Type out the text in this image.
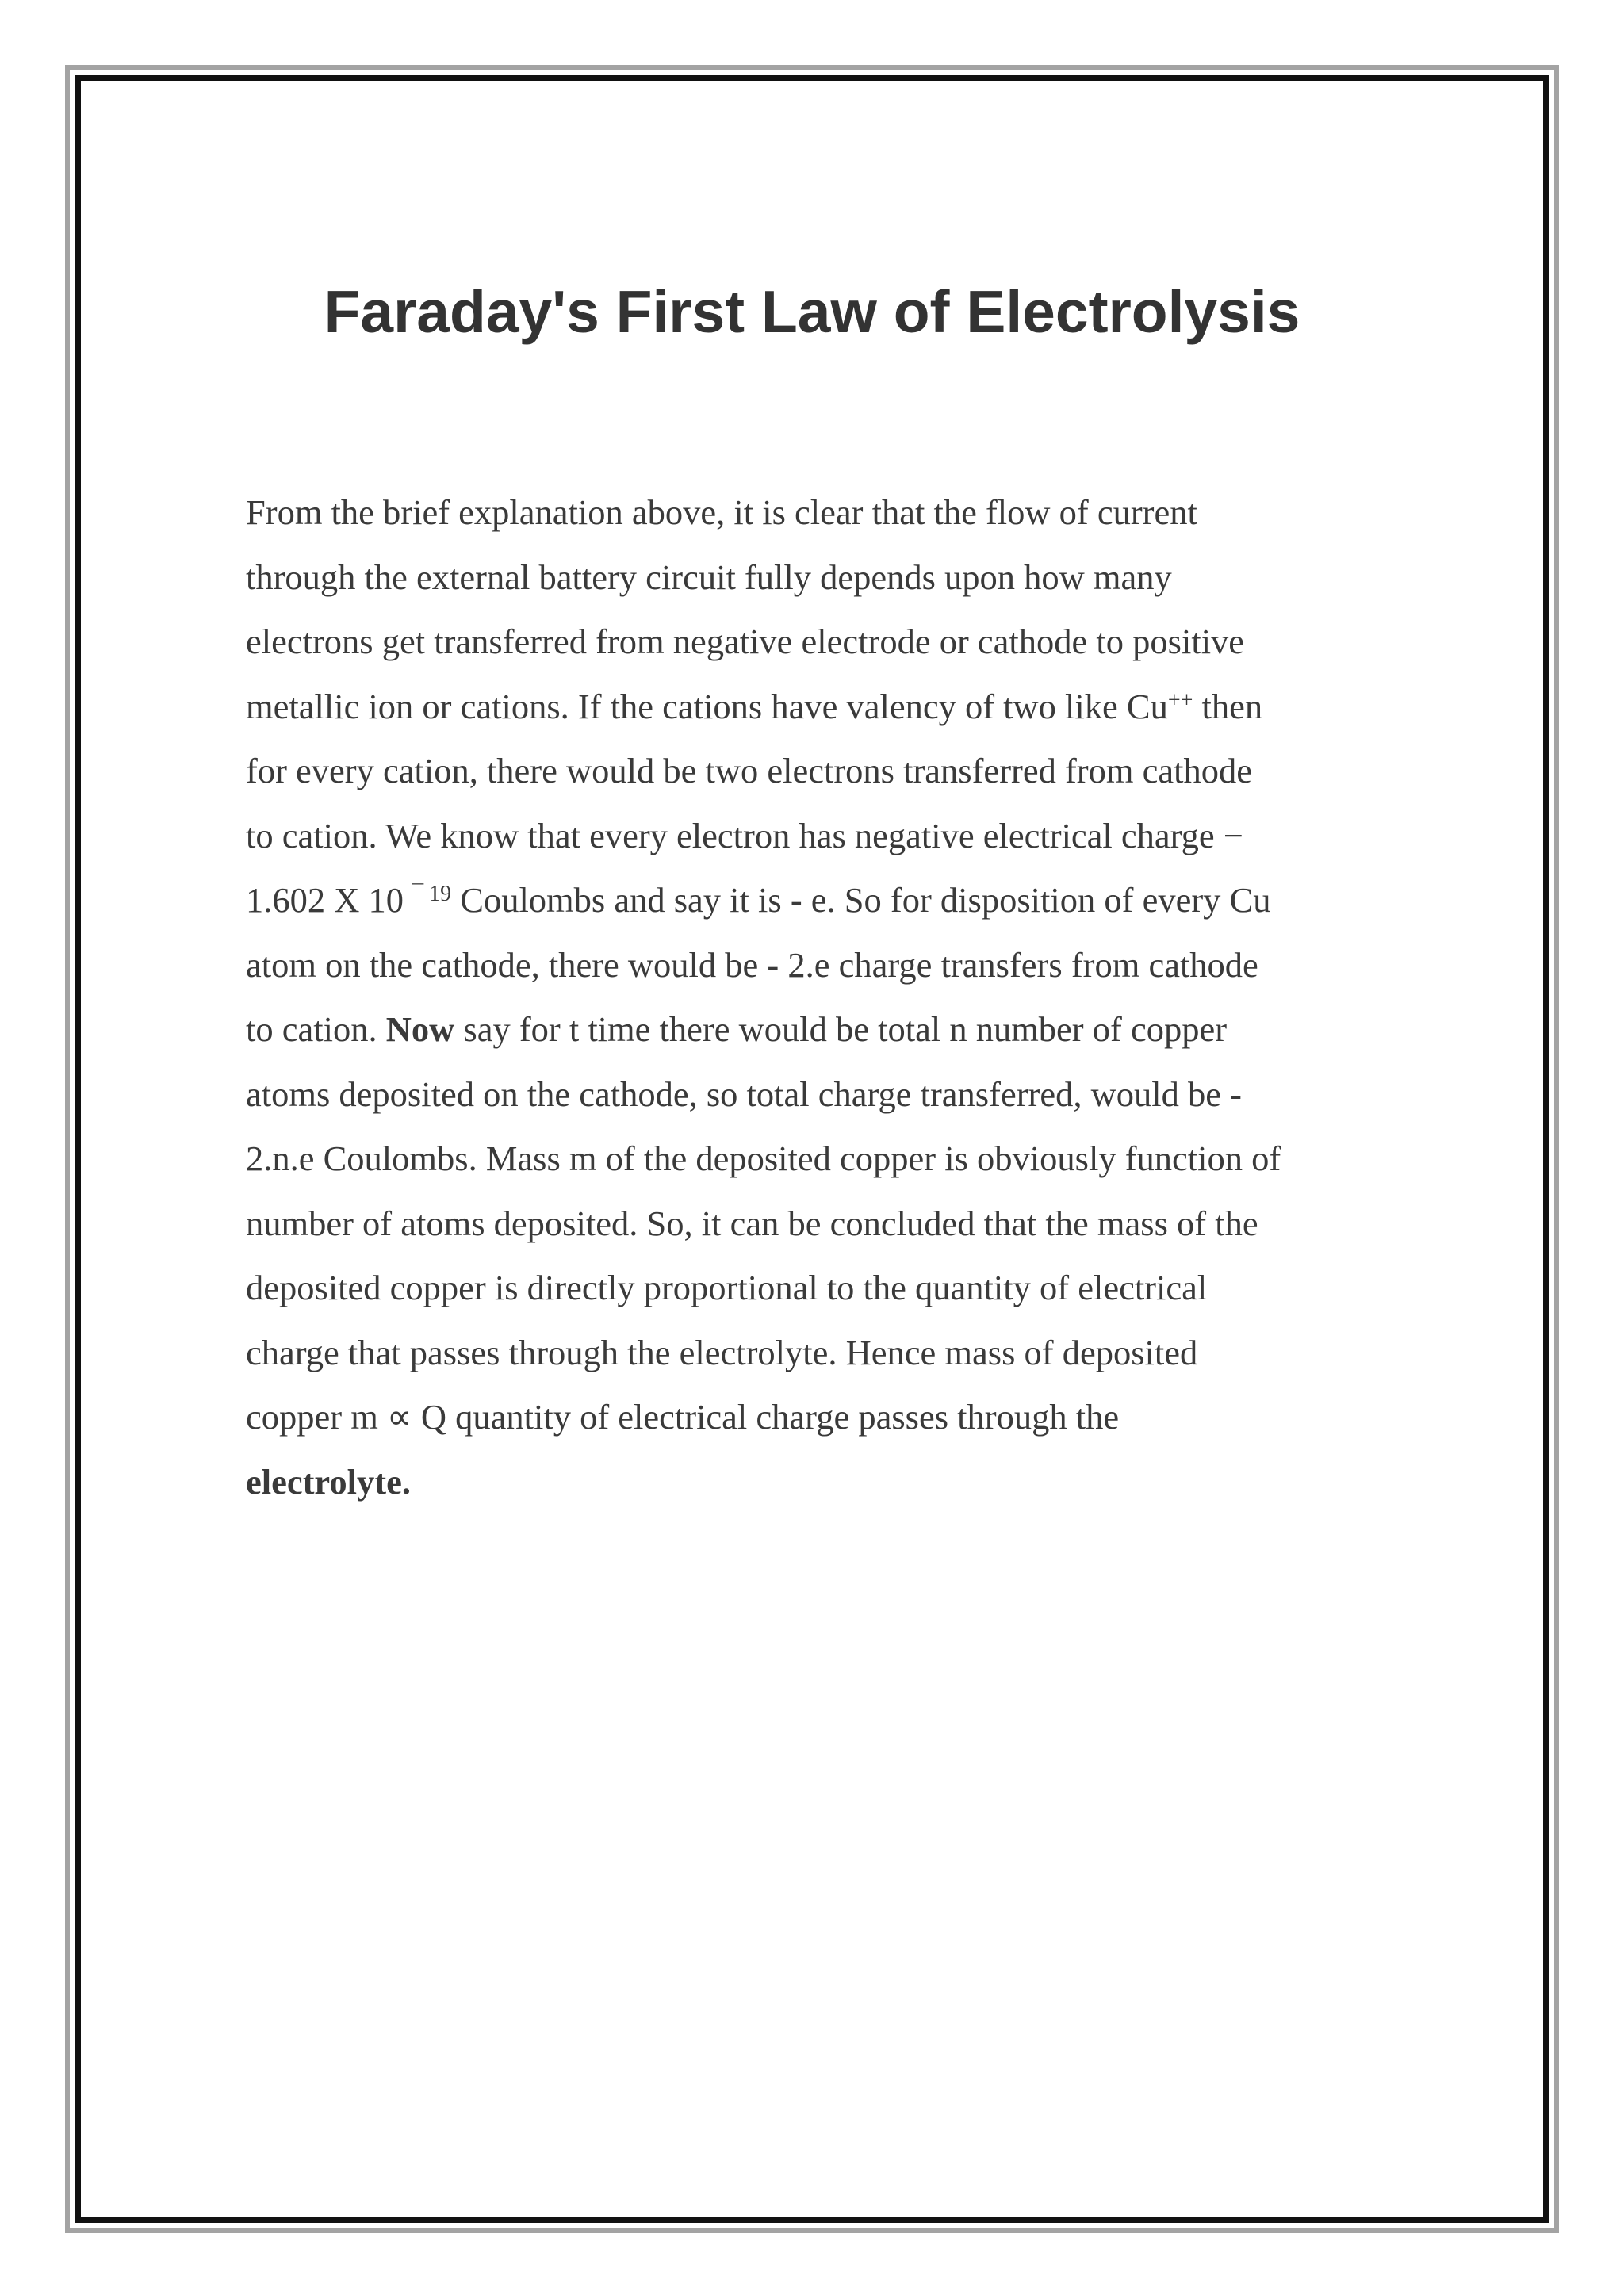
Faraday's First Law of Electrolysis

From the brief explanation above, it is clear that the flow of current
through the external battery circuit fully depends upon how many
electrons get transferred from negative electrode or cathode to positive
metallic ion or cations. If the cations have valency of two like Cu++ then
for every cation, there would be two electrons transferred from cathode
to cation. We know that every electron has negative electrical charge −
1.602 X 10 $^{¯ 19}$ Coulombs and say it is - e. So for disposition of every Cu
atom on the cathode, there would be - 2.e charge transfers from cathode
to cation. Now say for t time there would be total n number of copper
atoms deposited on the cathode, so total charge transferred, would be -
2.n.e Coulombs. Mass m of the deposited copper is obviously function of
number of atoms deposited. So, it can be concluded that the mass of the
deposited copper is directly proportional to the quantity of electrical
charge that passes through the electrolyte. Hence mass of deposited
copper m ∝ Q quantity of electrical charge passes through the
electrolyte.
